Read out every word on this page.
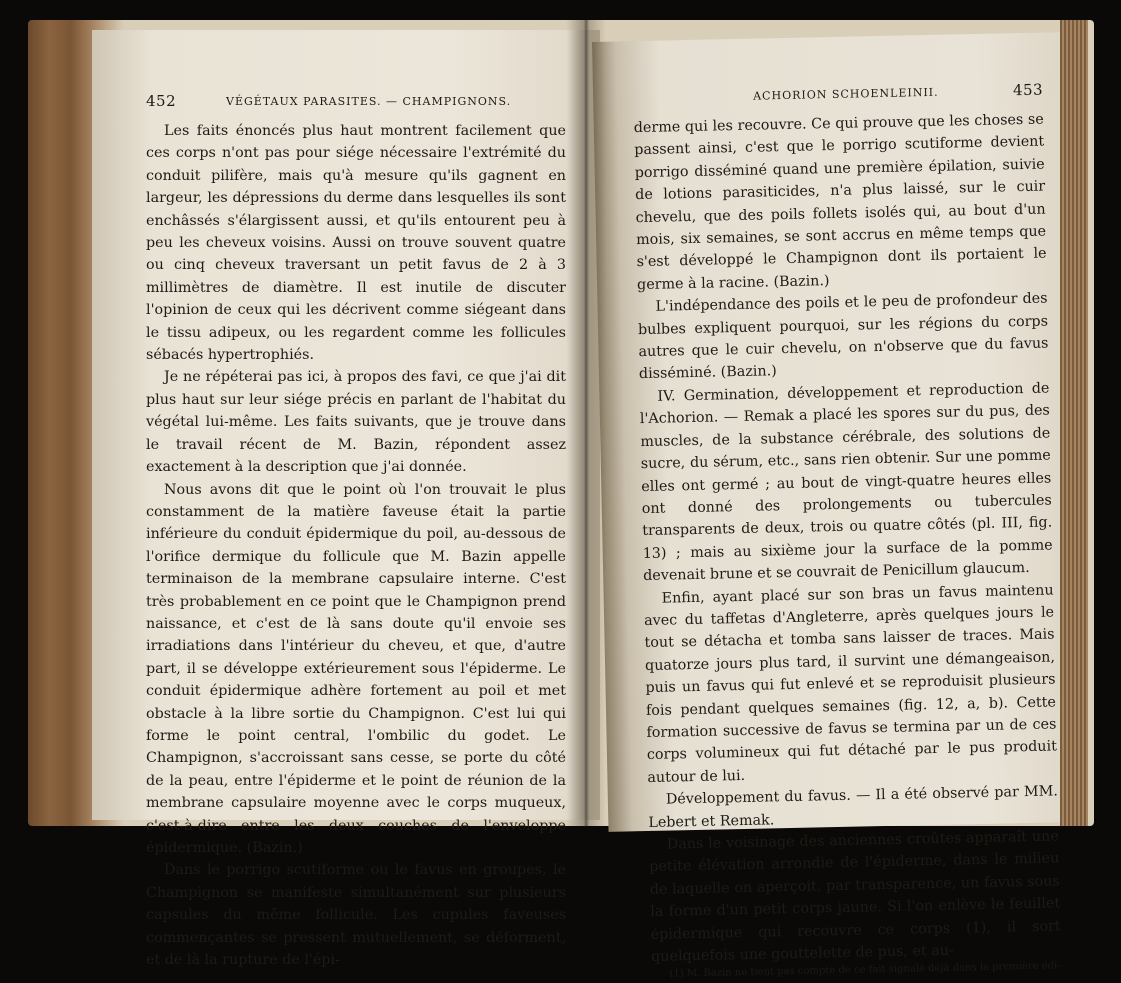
452	VÉGÉTAUX PARASITES. — CHAMPIGNONS.

Les faits énoncés plus haut montrent facilement que ces corps n'ont pas pour siége nécessaire l'extrémité du conduit pilifère, mais qu'à mesure qu'ils gagnent en largeur, les dépressions du derme dans lesquelles ils sont enchâssés s'élargissent aussi, et qu'ils entourent peu à peu les cheveux voisins. Aussi on trouve souvent quatre ou cinq cheveux traversant un petit favus de 2 à 3 millimètres de diamètre. Il est inutile de discuter l'opinion de ceux qui les décrivent comme siégeant dans le tissu adipeux, ou les regardent comme les follicules sébacés hypertrophiés.

Je ne répéterai pas ici, à propos des favi, ce que j'ai dit plus haut sur leur siége précis en parlant de l'habitat du végétal lui-même. Les faits suivants, que je trouve dans le travail récent de M. Bazin, répondent assez exactement à la description que j'ai donnée.

Nous avons dit que le point où l'on trouvait le plus constamment de la matière faveuse était la partie inférieure du conduit épidermique du poil, au-dessous de l'orifice dermique du follicule que M. Bazin appelle terminaison de la membrane capsulaire interne. C'est très probablement en ce point que le Champignon prend naissance, et c'est de là sans doute qu'il envoie ses irradiations dans l'intérieur du cheveu, et que, d'autre part, il se développe extérieurement sous l'épiderme. Le conduit épidermique adhère fortement au poil et met obstacle à la libre sortie du Champignon. C'est lui qui forme le point central, l'ombilic du godet. Le Champignon, s'accroissant sans cesse, se porte du côté de la peau, entre l'épiderme et le point de réunion de la membrane capsulaire moyenne avec le corps muqueux, c'est-à-dire entre les deux couches de l'enveloppe épidermique. (Bazin.)

Dans le porrigo scutiforme ou le favus en groupes, le Champignon se manifeste simultanément sur plusieurs capsules du même follicule. Les cupules faveuses commençantes se pressent mutuellement, se déforment, et de là la rupture de l'épi-

ACHORION SCHOENLEINII.	453

derme qui les recouvre. Ce qui prouve que les choses se passent ainsi, c'est que le porrigo scutiforme devient porrigo disséminé quand une première épilation, suivie de lotions parasiticides, n'a plus laissé, sur le cuir chevelu, que des poils follets isolés qui, au bout d'un mois, six semaines, se sont accrus en même temps que s'est développé le Champignon dont ils portaient le germe à la racine. (Bazin.)

L'indépendance des poils et le peu de profondeur des bulbes expliquent pourquoi, sur les régions du corps autres que le cuir chevelu, on n'observe que du favus disséminé. (Bazin.)

IV. Germination, développement et reproduction de l'Achorion. — Remak a placé les spores sur du pus, des muscles, de la substance cérébrale, des solutions de sucre, du sérum, etc., sans rien obtenir. Sur une pomme elles ont germé ; au bout de vingt-quatre heures elles ont donné des prolongements ou tubercules transparents de deux, trois ou quatre côtés (pl. III, fig. 13) ; mais au sixième jour la surface de la pomme devenait brune et se couvrait de Penicillum glaucum.

Enfin, ayant placé sur son bras un favus maintenu avec du taffetas d'Angleterre, après quelques jours le tout se détacha et tomba sans laisser de traces. Mais quatorze jours plus tard, il survint une démangeaison, puis un favus qui fut enlevé et se reproduisit plusieurs fois pendant quelques semaines (fig. 12, a, b). Cette formation successive de favus se termina par un de ces corps volumineux qui fut détaché par le pus produit autour de lui.

Développement du favus. — Il a été observé par MM. Lebert et Remak.

Dans le voisinage des anciennes croûtes apparaît une petite élévation arrondie de l'épiderme, dans le milieu de laquelle on aperçoit, par transparence, un favus sous la forme d'un petit corps jaune. Si l'on enlève le feuillet épidermique qui recouvre ce corps (1), il sort quelquefois une gouttelette de pus, et au-

(1) M. Bazin ne tient pas compte de ce fait signalé déjà dans la première édi-
